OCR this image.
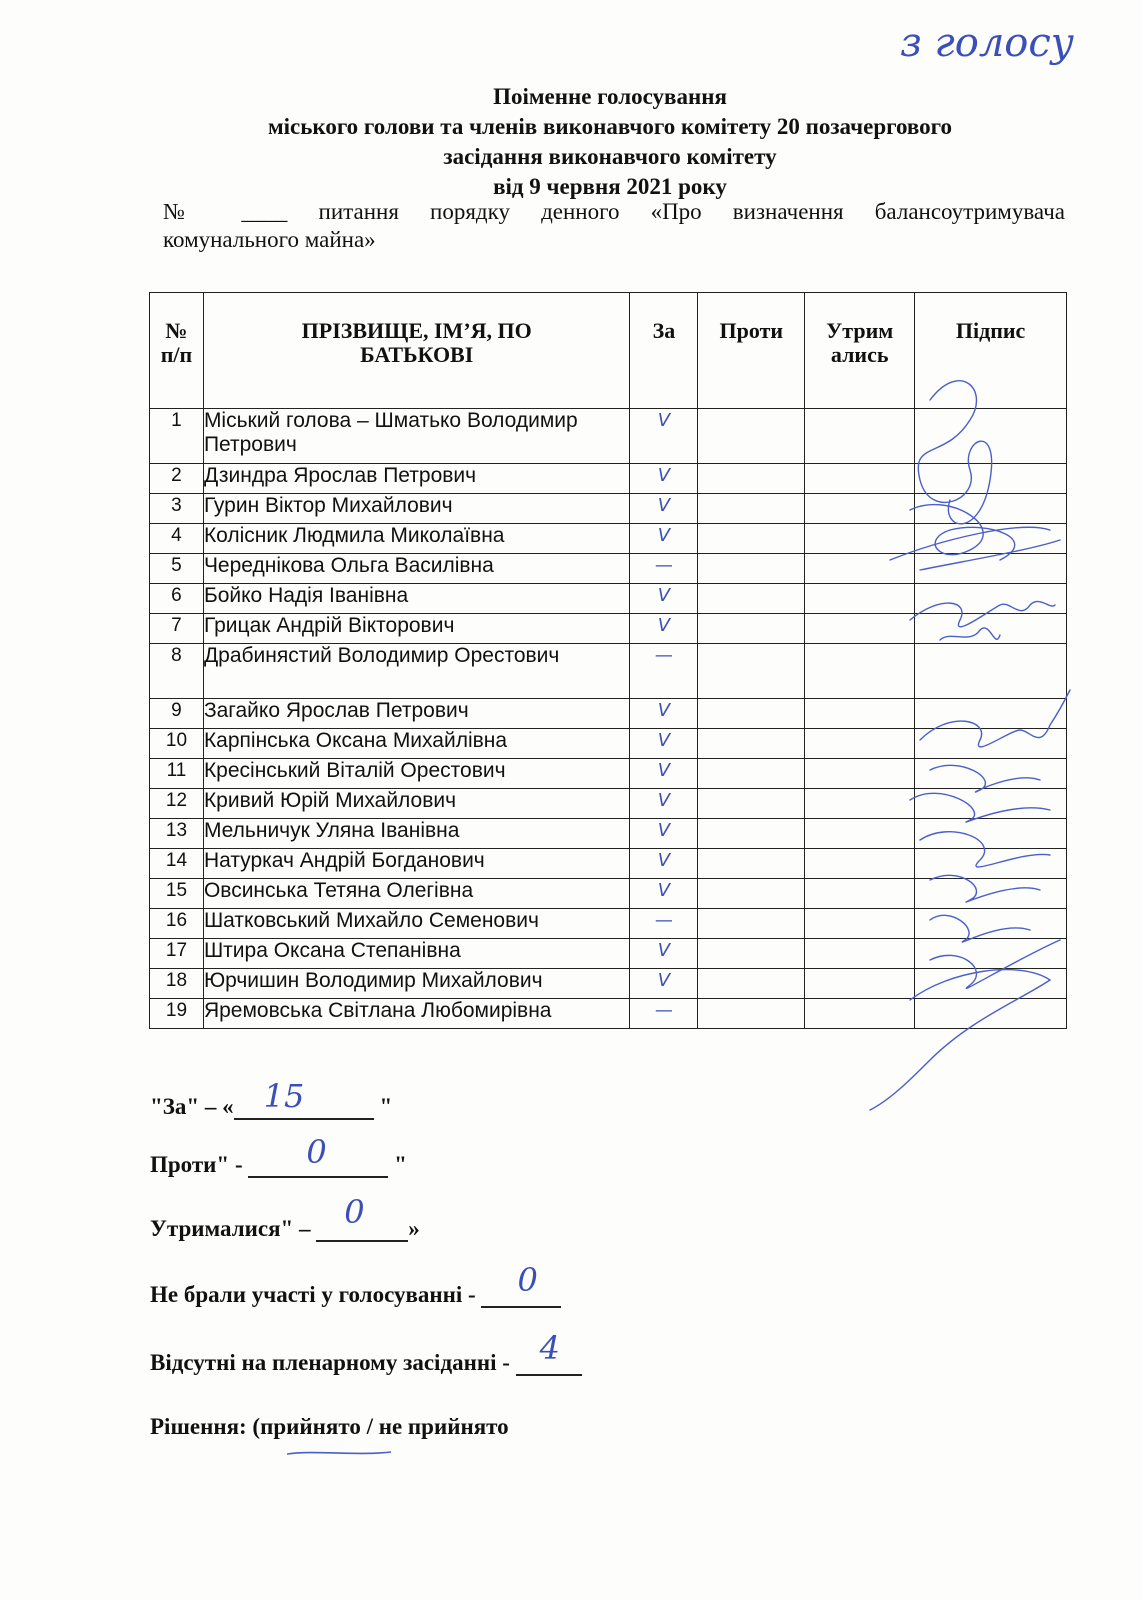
з голосу
Поіменне голосування
міського голови та членів виконавчого комітету 20 позачергового
засідання виконавчого комітету
від 9 червня 2021 року
№ ____ питання порядку денного «Про визначення балансоутримувача
комунального майна»
№ п/п	ПРІЗВИЩЕ, ІМ’Я, ПО БАТЬКОВІ	За	Проти	Утрим ались	Підпис
1	Міський голова – Шматько Володимир Петрович	V			
2	Дзиндра Ярослав Петрович	V			
3	Гурин Віктор Михайлович	V			
4	Колісник Людмила Миколаївна	V			
5	Череднікова Ольга Василівна	—			
6	Бойко Надія Іванівна	V			
7	Грицак Андрій Вікторович	V			
8	Драбинястий Володимир Орестович	—			
9	Загайко Ярослав Петрович	V			
10	Карпінська Оксана Михайлівна	V			
11	Кресінський Віталій Орестович	V			
12	Кривий Юрій Михайлович	V			
13	Мельничук Уляна Іванівна	V			
14	Натуркач Андрій Богданович	V			
15	Овсинська Тетяна Олегівна	V			
16	Шатковський Михайло Семенович	—			
17	Штира Оксана Степанівна	V			
18	Юрчишин Володимир Михайлович	V			
19	Яремовська Світлана Любомирівна	—			
"За" – « 15	"
Проти" - 0	"
Утрималися" – 0 »
Не брали участі у голосуванні - 0
Відсутні на пленарному засіданні - 4
Рішення: (прийнято / не прийнято
